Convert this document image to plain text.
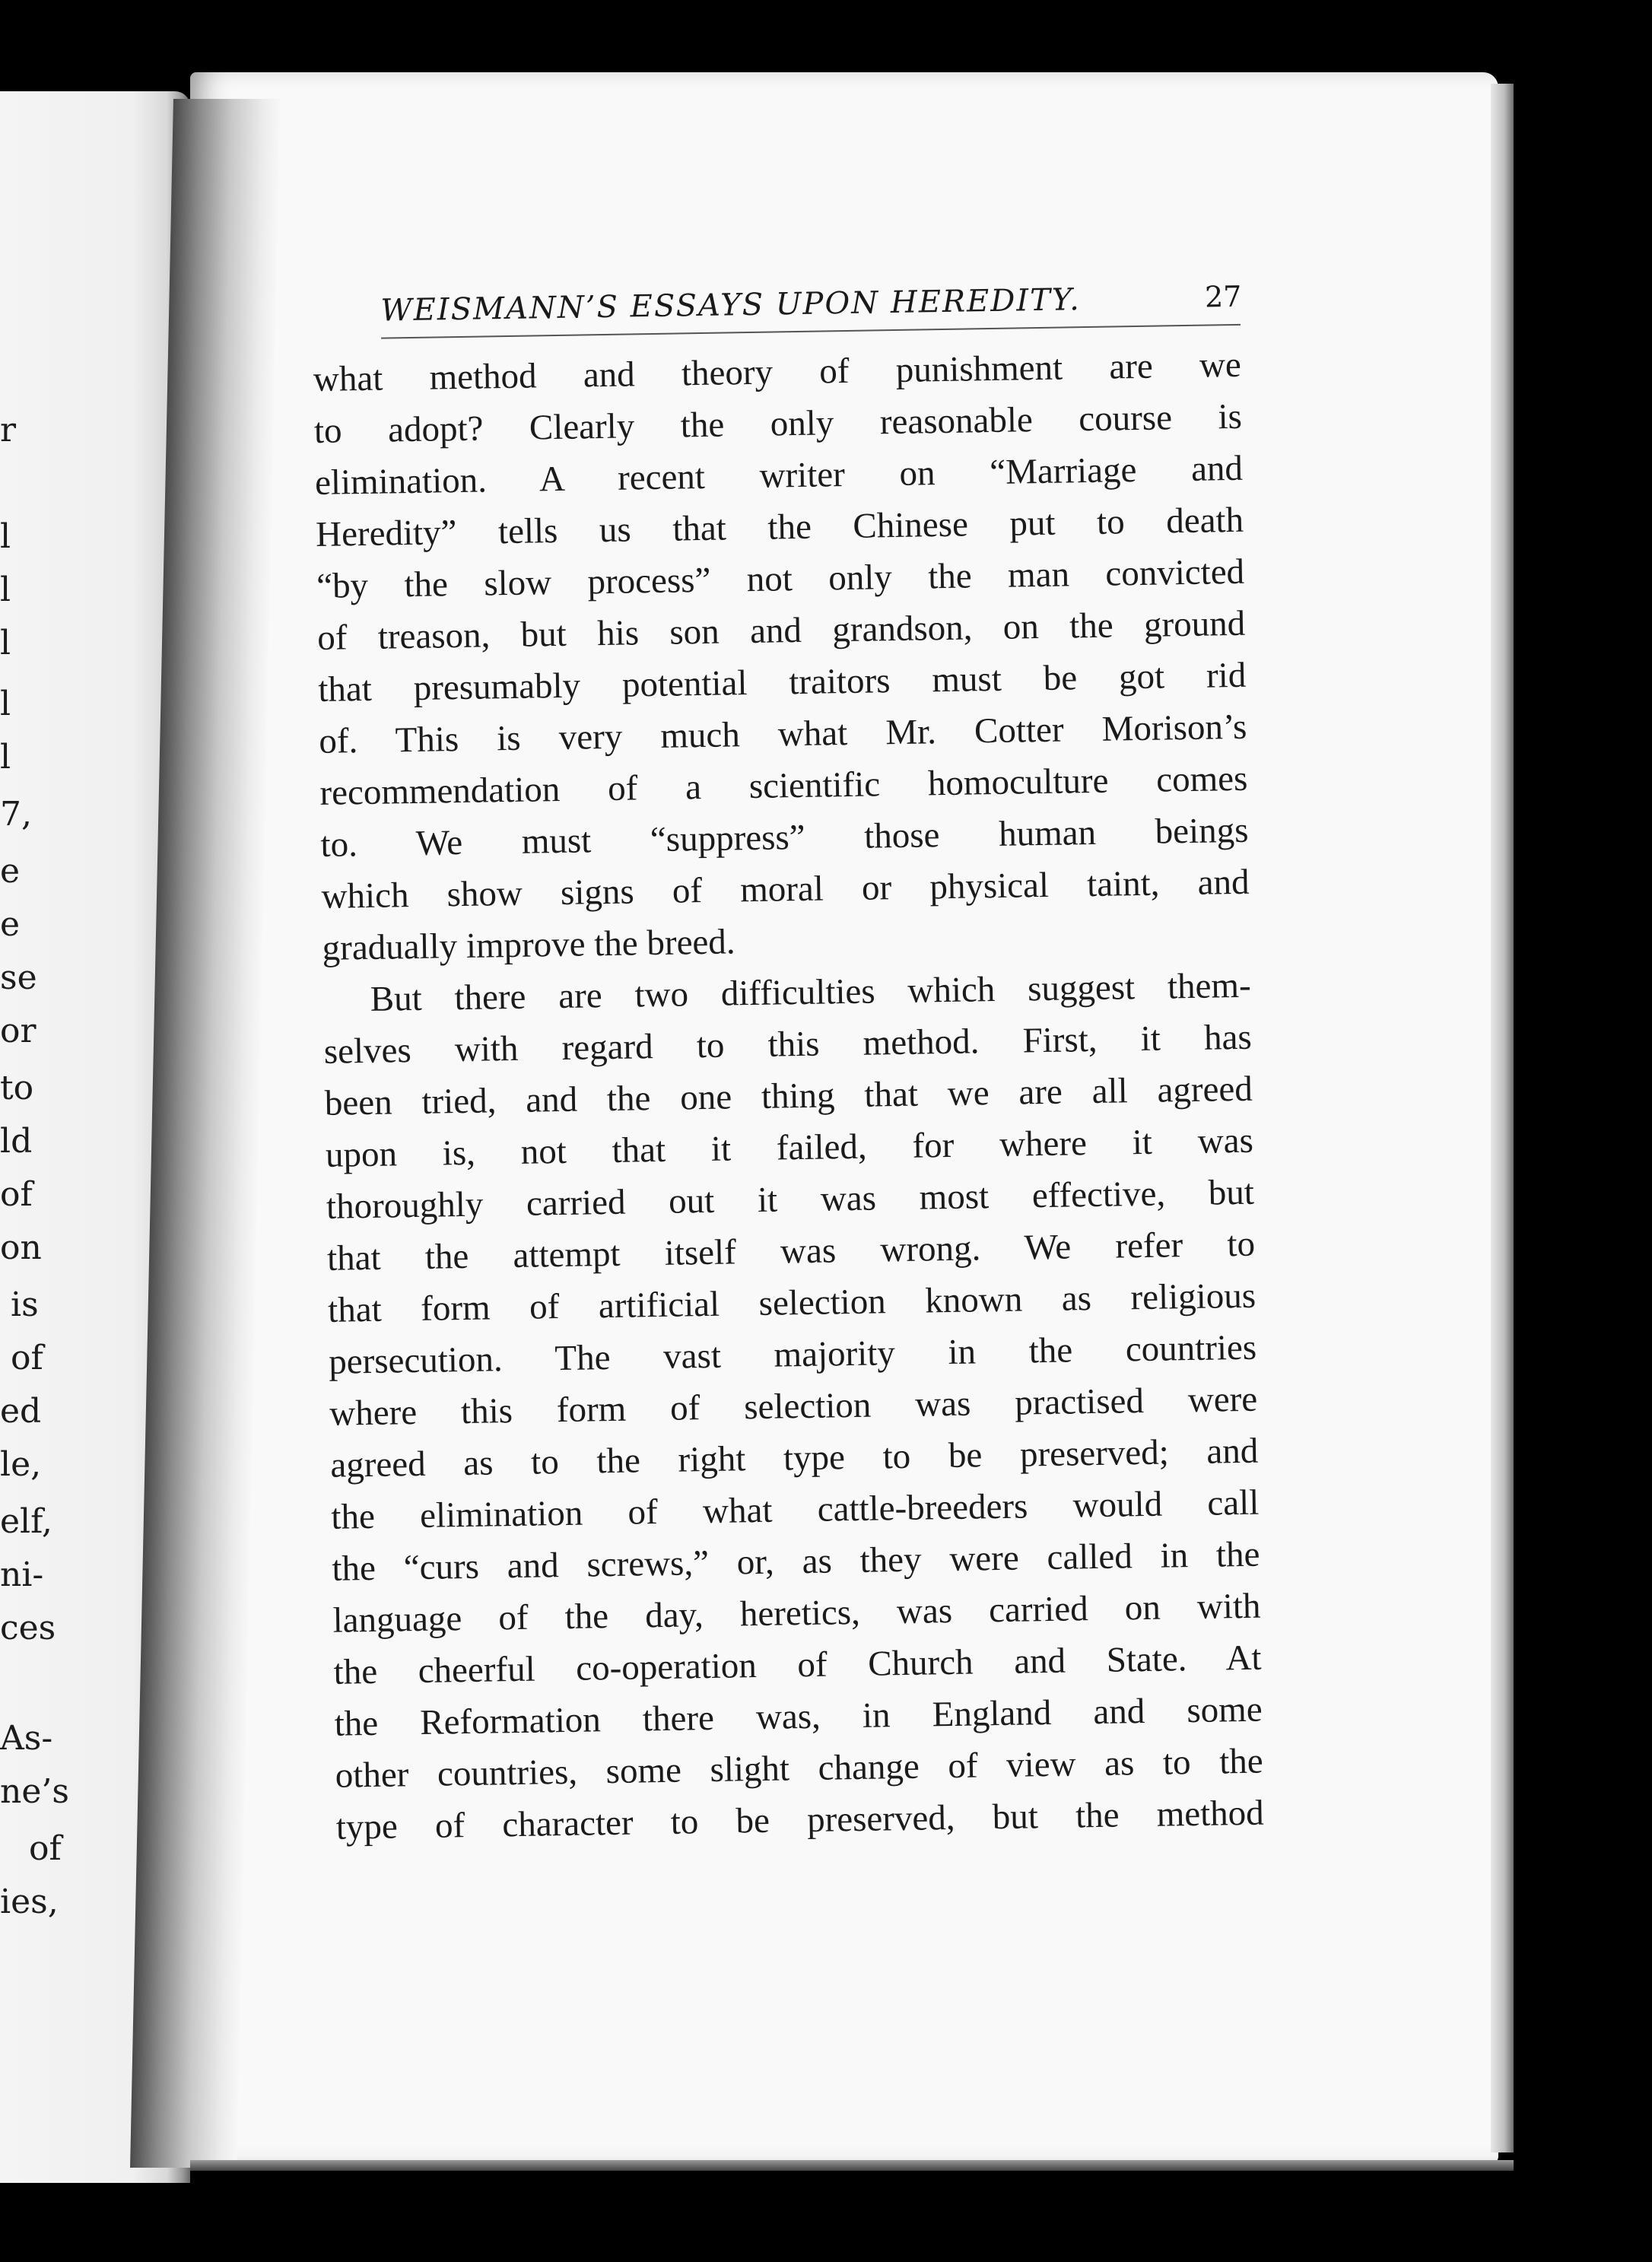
r
l
l
l
l
l
7,
e
e
se
or
to
ld
of
on
is
of
ed
le,
elf,
ni-
ces
As-
ne’s
of
ies,
WEISMANN’S ESSAYS UPON HEREDITY.	27
what method and theory of punishment are we
to adopt? Clearly the only reasonable course is
elimination. A recent writer on “Marriage and
Heredity” tells us that the Chinese put to death
“by the slow process” not only the man convicted
of treason, but his son and grandson, on the ground
that presumably potential traitors must be got rid
of. This is very much what Mr. Cotter Morison’s
recommendation of a scientific homoculture comes
to. We must “suppress” those human beings
which show signs of moral or physical taint, and
gradually improve the breed.
But there are two difficulties which suggest them-
selves with regard to this method. First, it has
been tried, and the one thing that we are all agreed
upon is, not that it failed, for where it was
thoroughly carried out it was most effective, but
that the attempt itself was wrong. We refer to
that form of artificial selection known as religious
persecution. The vast majority in the countries
where this form of selection was practised were
agreed as to the right type to be preserved; and
the elimination of what cattle-breeders would call
the “curs and screws,” or, as they were called in the
language of the day, heretics, was carried on with
the cheerful co-operation of Church and State. At
the Reformation there was, in England and some
other countries, some slight change of view as to the
type of character to be preserved, but the method
